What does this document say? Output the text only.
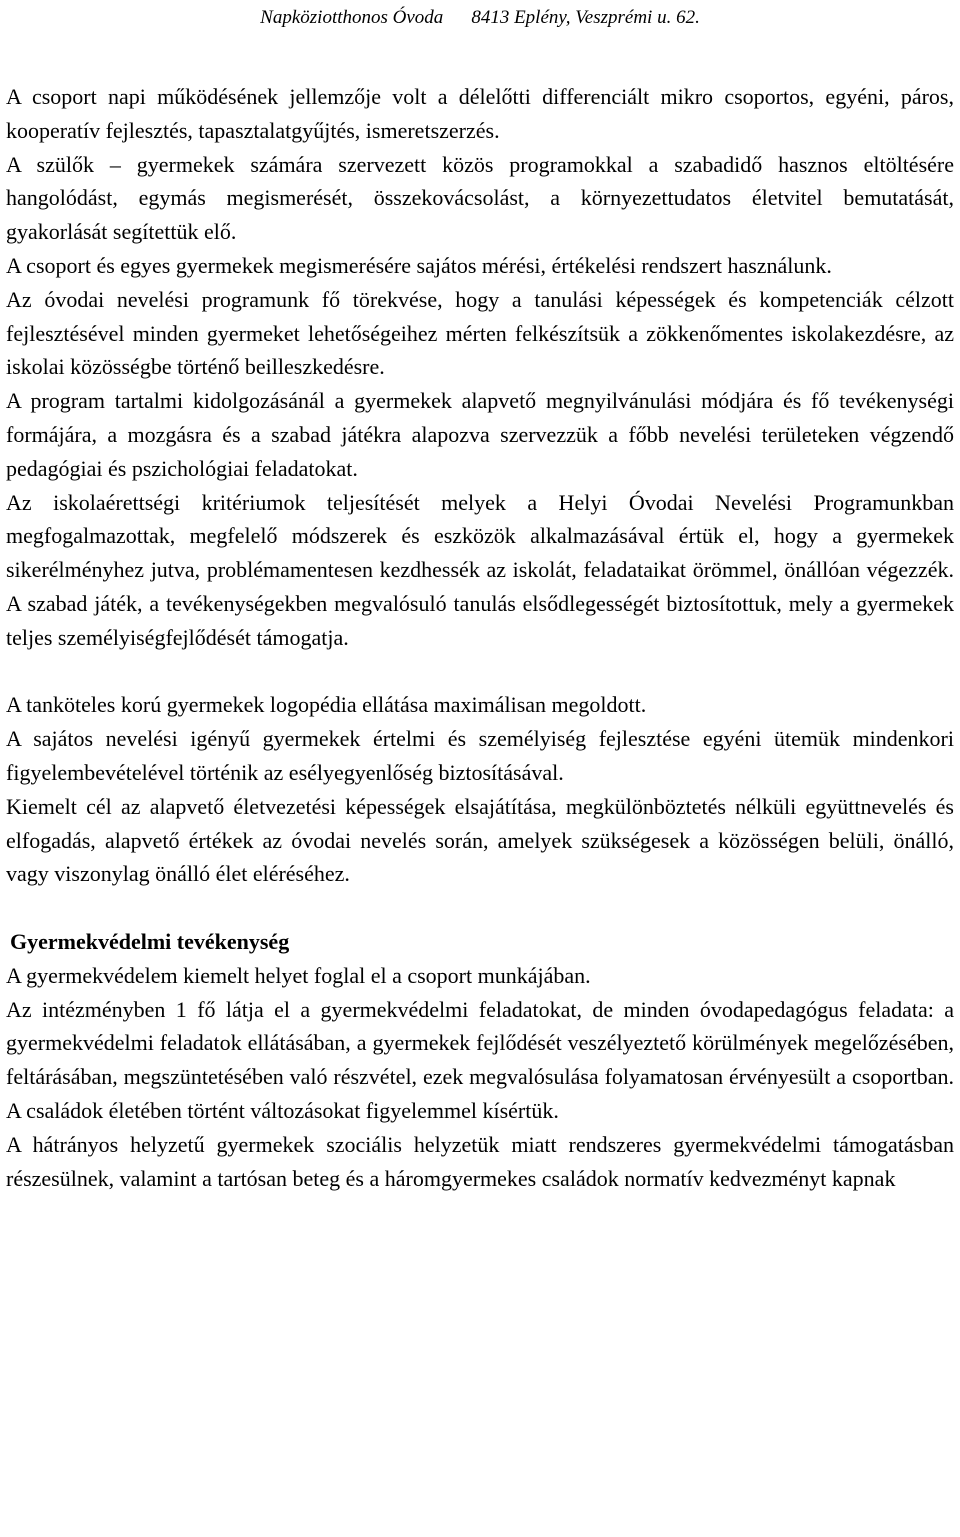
Napköziotthonos Óvoda 8413 Eplény, Veszprémi u. 62.

A csoport napi működésének jellemzője volt a délelőtti differenciált mikro csoportos, egyéni, páros, kooperatív fejlesztés, tapasztalatgyűjtés, ismeretszerzés.

A szülők – gyermekek számára szervezett közös programokkal a szabadidő hasznos eltöltésére hangolódást, egymás megismerését, összekovácsolást, a környezettudatos életvitel bemutatását, gyakorlását segítettük elő.

A csoport és egyes gyermekek megismerésére sajátos mérési, értékelési rendszert használunk.

Az óvodai nevelési programunk fő törekvése, hogy a tanulási képességek és kompetenciák célzott fejlesztésével minden gyermeket lehetőségeihez mérten felkészítsük a zökkenőmentes iskolakezdésre, az iskolai közösségbe történő beilleszkedésre.

A program tartalmi kidolgozásánál a gyermekek alapvető megnyilvánulási módjára és fő tevékenységi formájára, a mozgásra és a szabad játékra alapozva szervezzük a főbb nevelési területeken végzendő pedagógiai és pszichológiai feladatokat.

Az iskolaérettségi kritériumok teljesítését melyek a Helyi Óvodai Nevelési Programunkban megfogalmazottak, megfelelő módszerek és eszközök alkalmazásával értük el, hogy a gyermekek sikerélményhez jutva, problémamentesen kezdhessék az iskolát, feladataikat örömmel, önállóan végezzék. A szabad játék, a tevékenységekben megvalósuló tanulás elsődlegességét biztosítottuk, mely a gyermekek teljes személyiségfejlődését támogatja.

A tanköteles korú gyermekek logopédia ellátása maximálisan megoldott.

A sajátos nevelési igényű gyermekek értelmi és személyiség fejlesztése egyéni ütemük mindenkori figyelembevételével történik az esélyegyenlőség biztosításával.

Kiemelt cél az alapvető életvezetési képességek elsajátítása, megkülönböztetés nélküli együttnevelés és elfogadás, alapvető értékek az óvodai nevelés során, amelyek szükségesek a közösségen belüli, önálló, vagy viszonylag önálló élet eléréséhez.

Gyermekvédelmi tevékenység

A gyermekvédelem kiemelt helyet foglal el a csoport munkájában.

Az intézményben 1 fő látja el a gyermekvédelmi feladatokat, de minden óvodapedagógus feladata: a gyermekvédelmi feladatok ellátásában, a gyermekek fejlődését veszélyeztető körülmények megelőzésében, feltárásában, megszüntetésében való részvétel, ezek megvalósulása folyamatosan érvényesült a csoportban. A családok életében történt változásokat figyelemmel kísértük.

A hátrányos helyzetű gyermekek szociális helyzetük miatt rendszeres gyermekvédelmi támogatásban részesülnek, valamint a tartósan beteg és a háromgyermekes családok normatív kedvezményt kapnak
